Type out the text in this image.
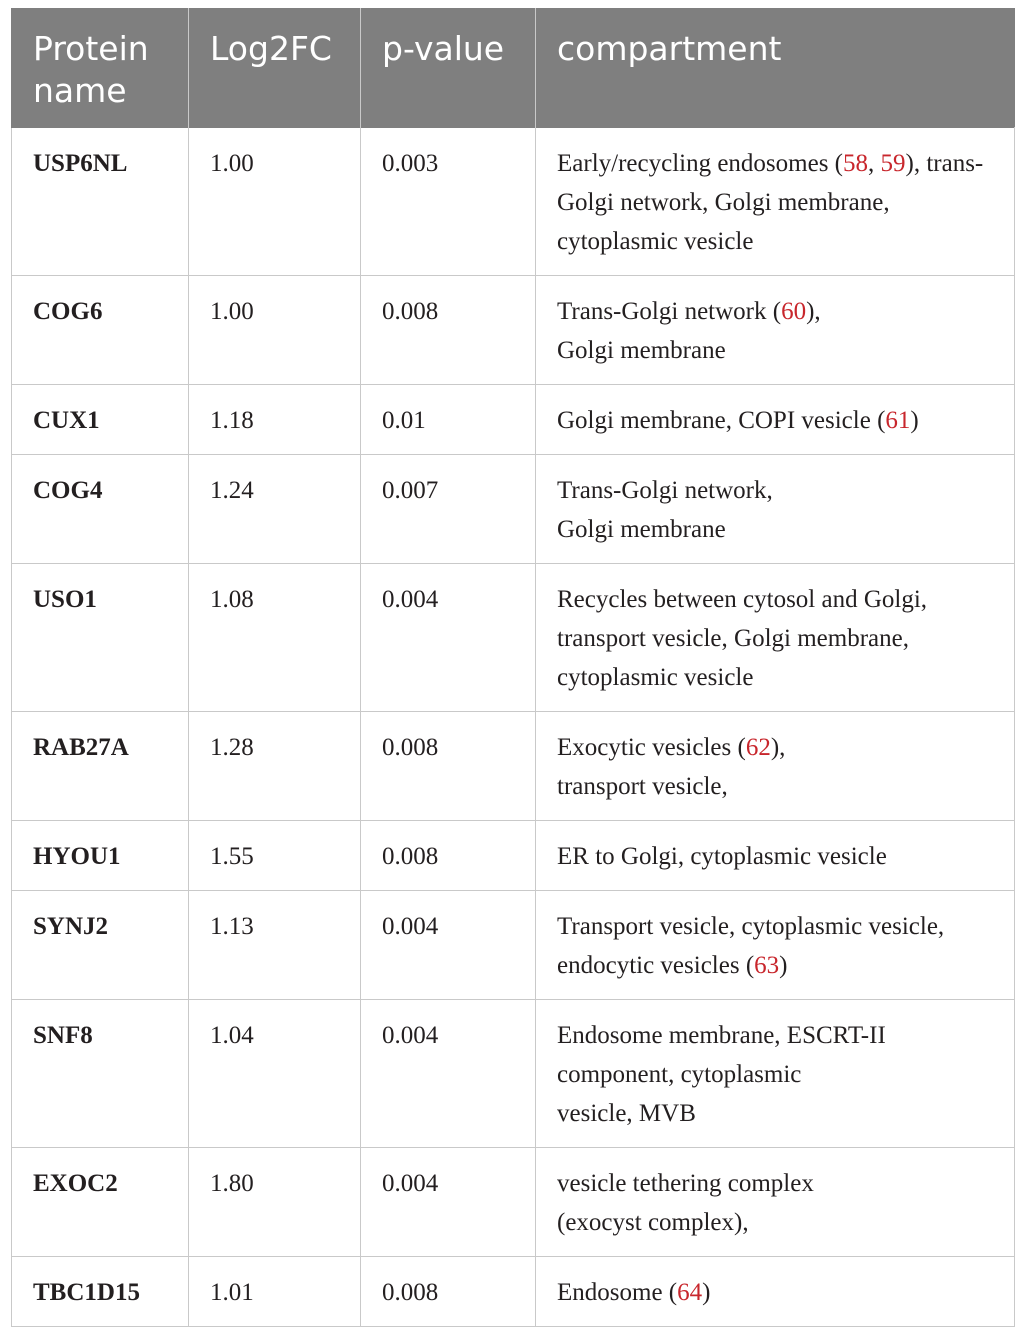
Protein name	Log2FC	p-value	compartment
USP6NL	1.00	0.003	Early/recycling endosomes (58, 59), trans-Golgi network, Golgi membrane, cytoplasmic vesicle
COG6	1.00	0.008	Trans-Golgi network (60),
Golgi membrane
CUX1	1.18	0.01	Golgi membrane, COPI vesicle (61)
COG4	1.24	0.007	Trans-Golgi network,
Golgi membrane
USO1	1.08	0.004	Recycles between cytosol and Golgi, transport vesicle, Golgi membrane, cytoplasmic vesicle
RAB27A	1.28	0.008	Exocytic vesicles (62),
transport vesicle,
HYOU1	1.55	0.008	ER to Golgi, cytoplasmic vesicle
SYNJ2	1.13	0.004	Transport vesicle, cytoplasmic vesicle, endocytic vesicles (63)
SNF8	1.04	0.004	Endosome membrane, ESCRT-II component, cytoplasmic
vesicle, MVB
EXOC2	1.80	0.004	vesicle tethering complex
(exocyst complex),
TBC1D15	1.01	0.008	Endosome (64)
